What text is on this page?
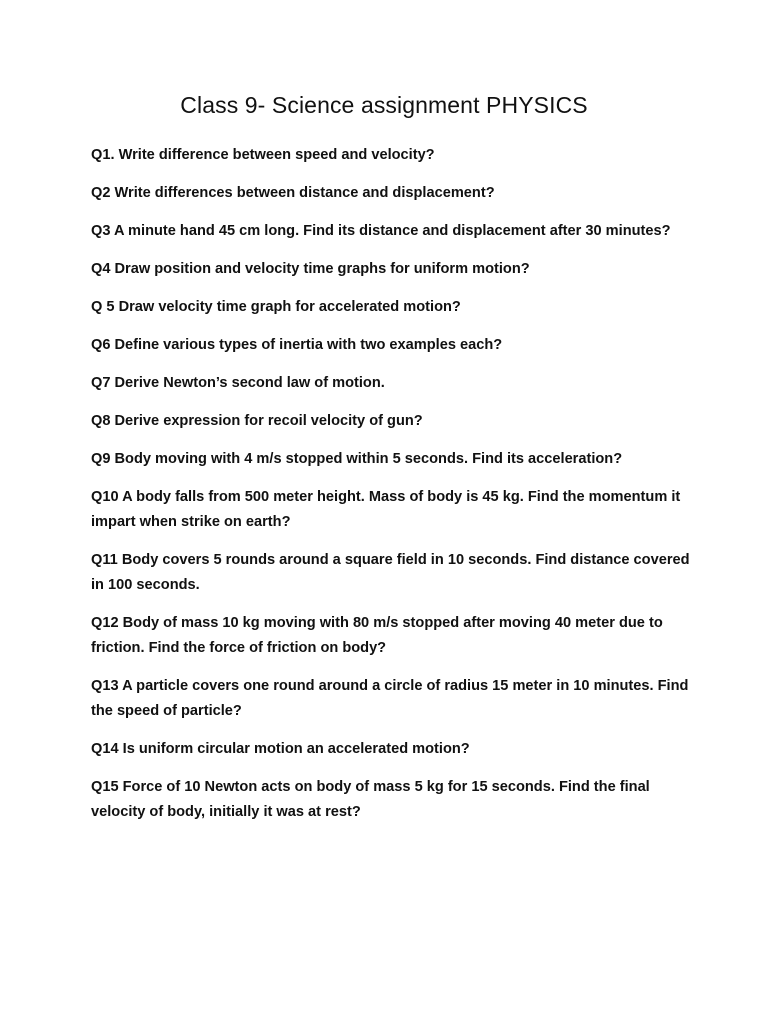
Class 9- Science assignment PHYSICS
Q1. Write difference between speed and velocity?
Q2 Write differences between distance and displacement?
Q3 A minute hand 45 cm long. Find its distance and displacement after 30 minutes?
Q4 Draw position and velocity time graphs for uniform motion?
Q 5 Draw velocity time graph for accelerated motion?
Q6 Define various types of inertia with two examples each?
Q7 Derive Newton’s second law of motion.
Q8 Derive expression for recoil velocity of gun?
Q9 Body moving with 4 m/s stopped within 5 seconds. Find its acceleration?
Q10 A body falls from 500 meter height. Mass of body is 45 kg. Find the momentum it impart when strike on earth?
Q11 Body covers 5 rounds around a square field in 10 seconds. Find distance covered in 100 seconds.
Q12 Body of mass 10 kg moving with 80 m/s stopped after moving 40 meter due to friction. Find the force of friction on body?
Q13 A particle covers one round around a circle of radius 15 meter in 10 minutes. Find the speed of particle?
Q14 Is uniform circular motion an accelerated motion?
Q15 Force of 10 Newton acts on body of mass 5 kg for 15 seconds. Find the final velocity of body, initially it was at rest?
